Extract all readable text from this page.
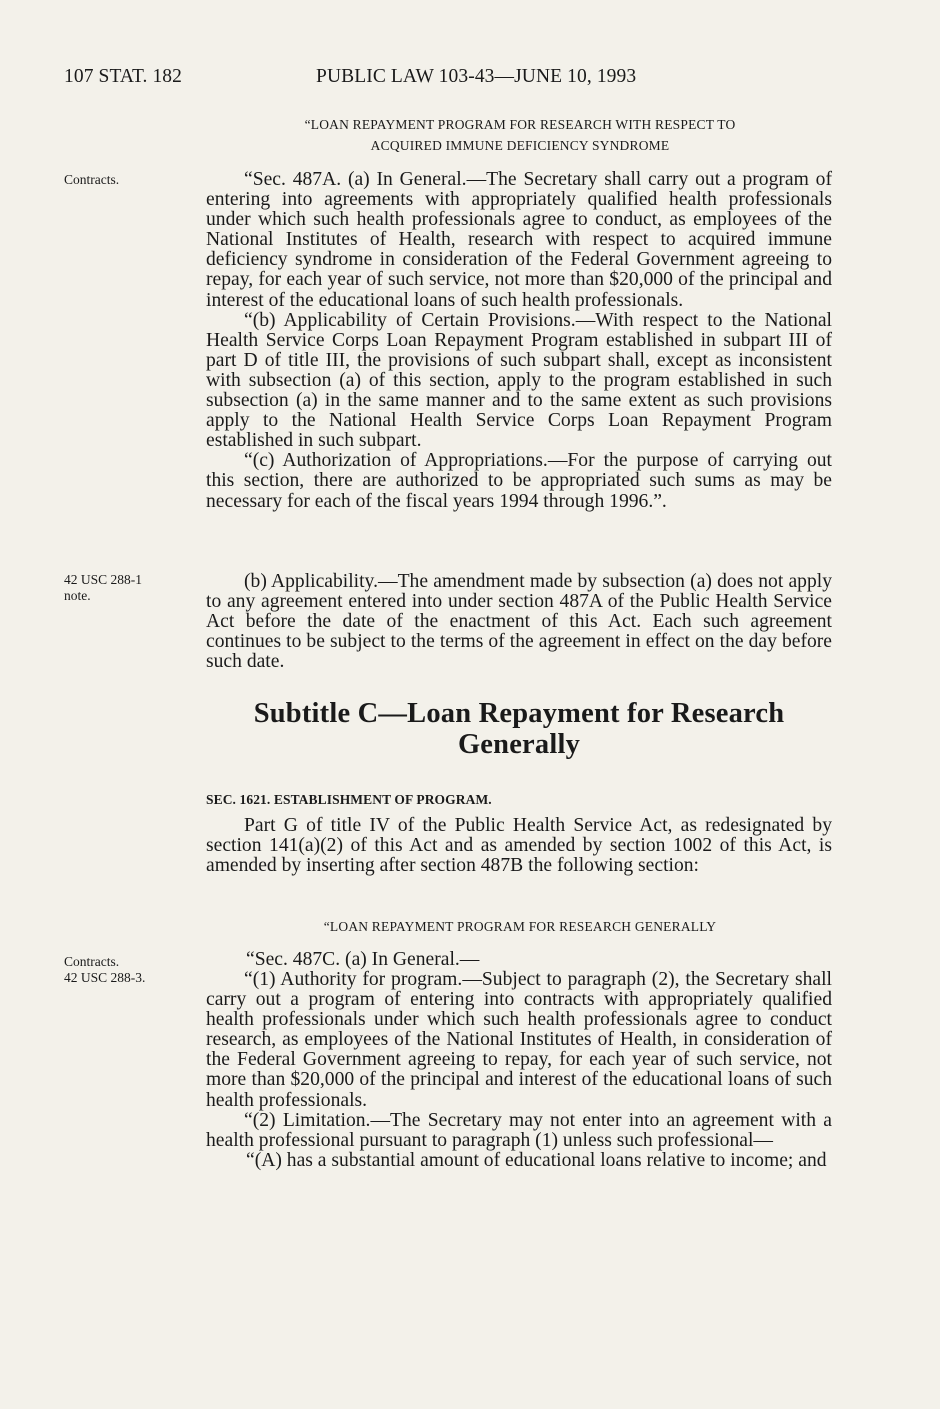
107 STAT. 182	PUBLIC LAW 103-43—JUNE 10, 1993
“LOAN REPAYMENT PROGRAM FOR RESEARCH WITH RESPECT TO
ACQUIRED IMMUNE DEFICIENCY SYNDROME
Contracts.	“Sec. 487A. (a) In General.—The Secretary shall carry out a program of entering into agreements with appropriately qualified health professionals under which such health professionals agree to conduct, as employees of the National Institutes of Health, research with respect to acquired immune deficiency syndrome in consideration of the Federal Government agreeing to repay, for each year of such service, not more than $20,000 of the principal and interest of the educational loans of such health professionals.

“(b) Applicability of Certain Provisions.—With respect to the National Health Service Corps Loan Repayment Program established in subpart III of part D of title III, the provisions of such subpart shall, except as inconsistent with subsection (a) of this section, apply to the program established in such subsection (a) in the same manner and to the same extent as such provisions apply to the National Health Service Corps Loan Repayment Program established in such subpart.

“(c) Authorization of Appropriations.—For the purpose of carrying out this section, there are authorized to be appropriated such sums as may be necessary for each of the fiscal years 1994 through 1996.”.

42 USC 288-1
note.

(b) Applicability.—The amendment made by subsection (a) does not apply to any agreement entered into under section 487A of the Public Health Service Act before the date of the enactment of this Act. Each such agreement continues to be subject to the terms of the agreement in effect on the day before such date.

Subtitle C—Loan Repayment for Research
Generally
SEC. 1621. ESTABLISHMENT OF PROGRAM.

Part G of title IV of the Public Health Service Act, as redesignated by section 141(a)(2) of this Act and as amended by section 1002 of this Act, is amended by inserting after section 487B the following section:

“LOAN REPAYMENT PROGRAM FOR RESEARCH GENERALLY
Contracts.
42 USC 288-3.

“Sec. 487C. (a) In General.—

“(1) Authority for program.—Subject to paragraph (2), the Secretary shall carry out a program of entering into contracts with appropriately qualified health professionals under which such health professionals agree to conduct research, as employees of the National Institutes of Health, in consideration of the Federal Government agreeing to repay, for each year of such service, not more than $20,000 of the principal and interest of the educational loans of such health professionals.

“(2) Limitation.—The Secretary may not enter into an agreement with a health professional pursuant to paragraph (1) unless such professional—

“(A) has a substantial amount of educational loans relative to income; and
